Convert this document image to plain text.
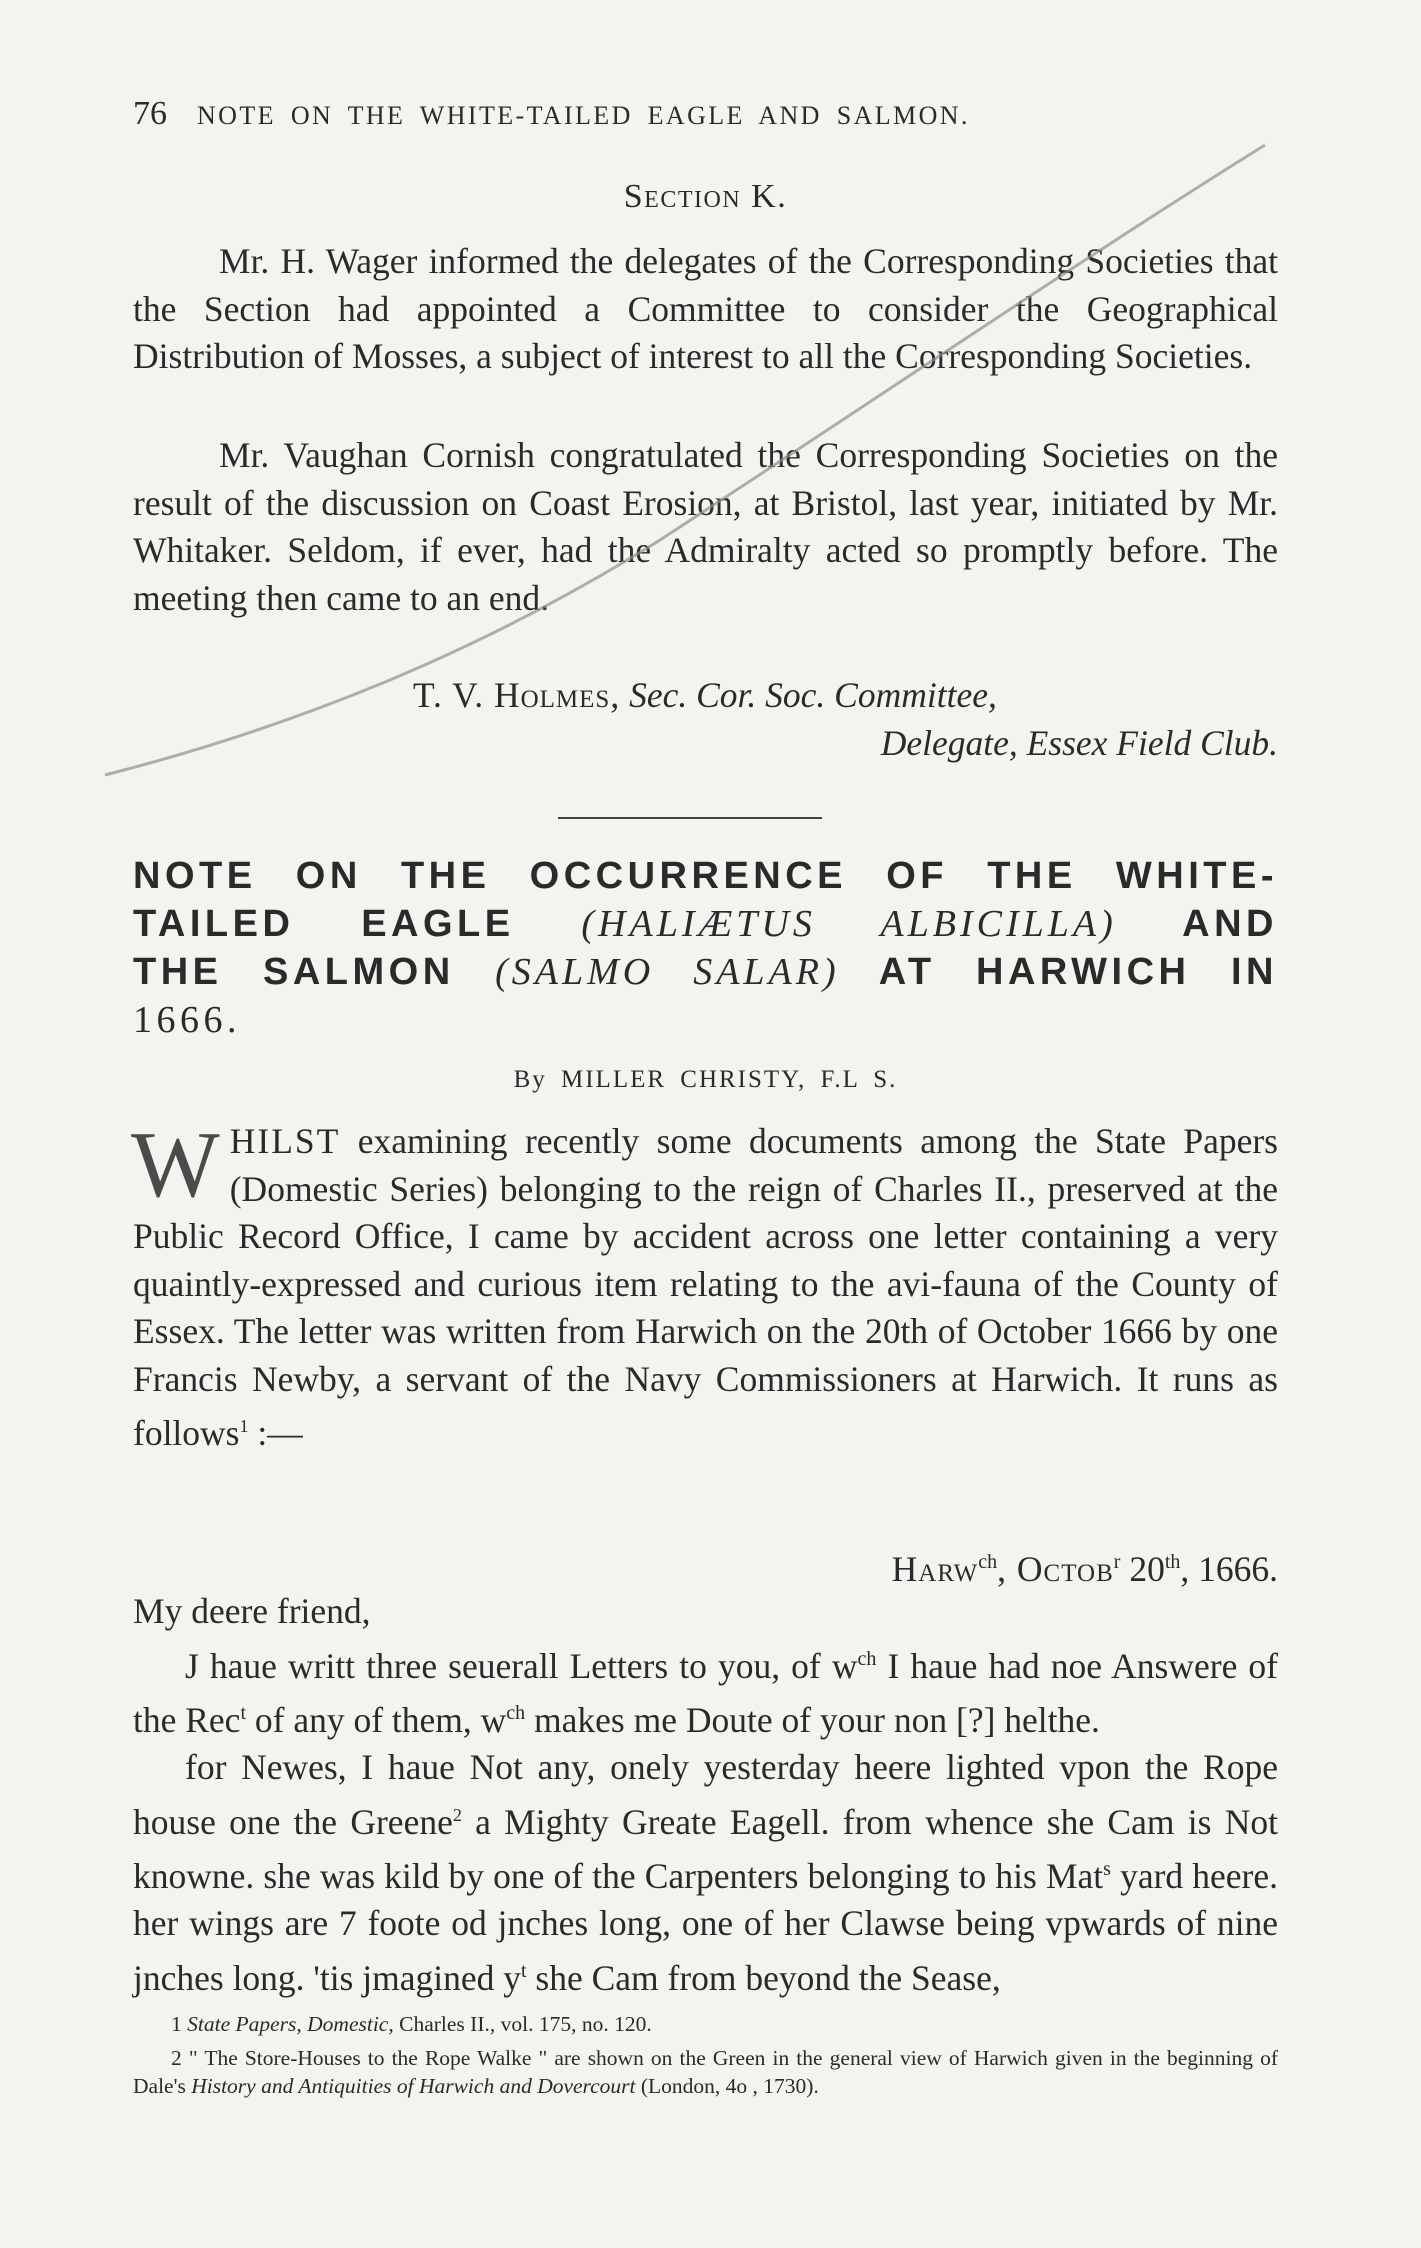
76 NOTE ON THE WHITE-TAILED EAGLE AND SALMON.
Section K.

Mr. H. Wager informed the delegates of the Corresponding Societies that the Section had appointed a Committee to consider the Geographical Distribution of Mosses, a subject of interest to all the Corresponding Societies.

Mr. Vaughan Cornish congratulated the Corresponding Societies on the result of the discussion on Coast Erosion, at Bristol, last year, initiated by Mr. Whitaker. Seldom, if ever, had the Admiralty acted so promptly before. The meeting then came to an end.

T. V. Holmes, Sec. Cor. Soc. Committee,
Delegate, Essex Field Club.

NOTE ON THE OCCURRENCE OF THE WHITE-TAILED EAGLE (HALIÆTUS ALBICILLA) AND THE SALMON (SALMO SALAR) AT HARWICH IN 1666.

By MILLER CHRISTY, F.L S.

WHILST examining recently some documents among the State Papers (Domestic Series) belonging to the reign of Charles II., preserved at the Public Record Office, I came by accident across one letter containing a very quaintly-expressed and curious item relating to the avi-fauna of the County of Essex. The letter was written from Harwich on the 20th of October 1666 by one Francis Newby, a servant of the Navy Commissioners at Harwich. It runs as follows$^1$ :—

Harw$^{ch}$, Octob$^r$ 20th, 1666.

My deere friend,

J haue writt three seuerall Letters to you, of $w^{ch}$ I haue had noe Answere of the Rec$^t$ of any of them, $w^{ch}$ makes me Doute of your non [?] helthe.

for Newes, I haue Not any, onely yesterday heere lighted vpon the Rope house one the Greene$^2$ a Mighty Greate Eagell. from whence she Cam is Not knowne. she was kild by one of the Carpenters belonging to his Mat$^s$ yard heere. her wings are 7 foote od jnches long, one of her Clawse being vpwards of nine jnches long. 'tis jmagined $y^t$ she Cam from beyond the Sease,

1 State Papers, Domestic, Charles II., vol. 175, no. 120.

2 " The Store-Houses to the Rope Walke " are shown on the Green in the general view of Harwich given in the beginning of Dale's History and Antiquities of Harwich and Dovercourt (London, 4o , 1730).
